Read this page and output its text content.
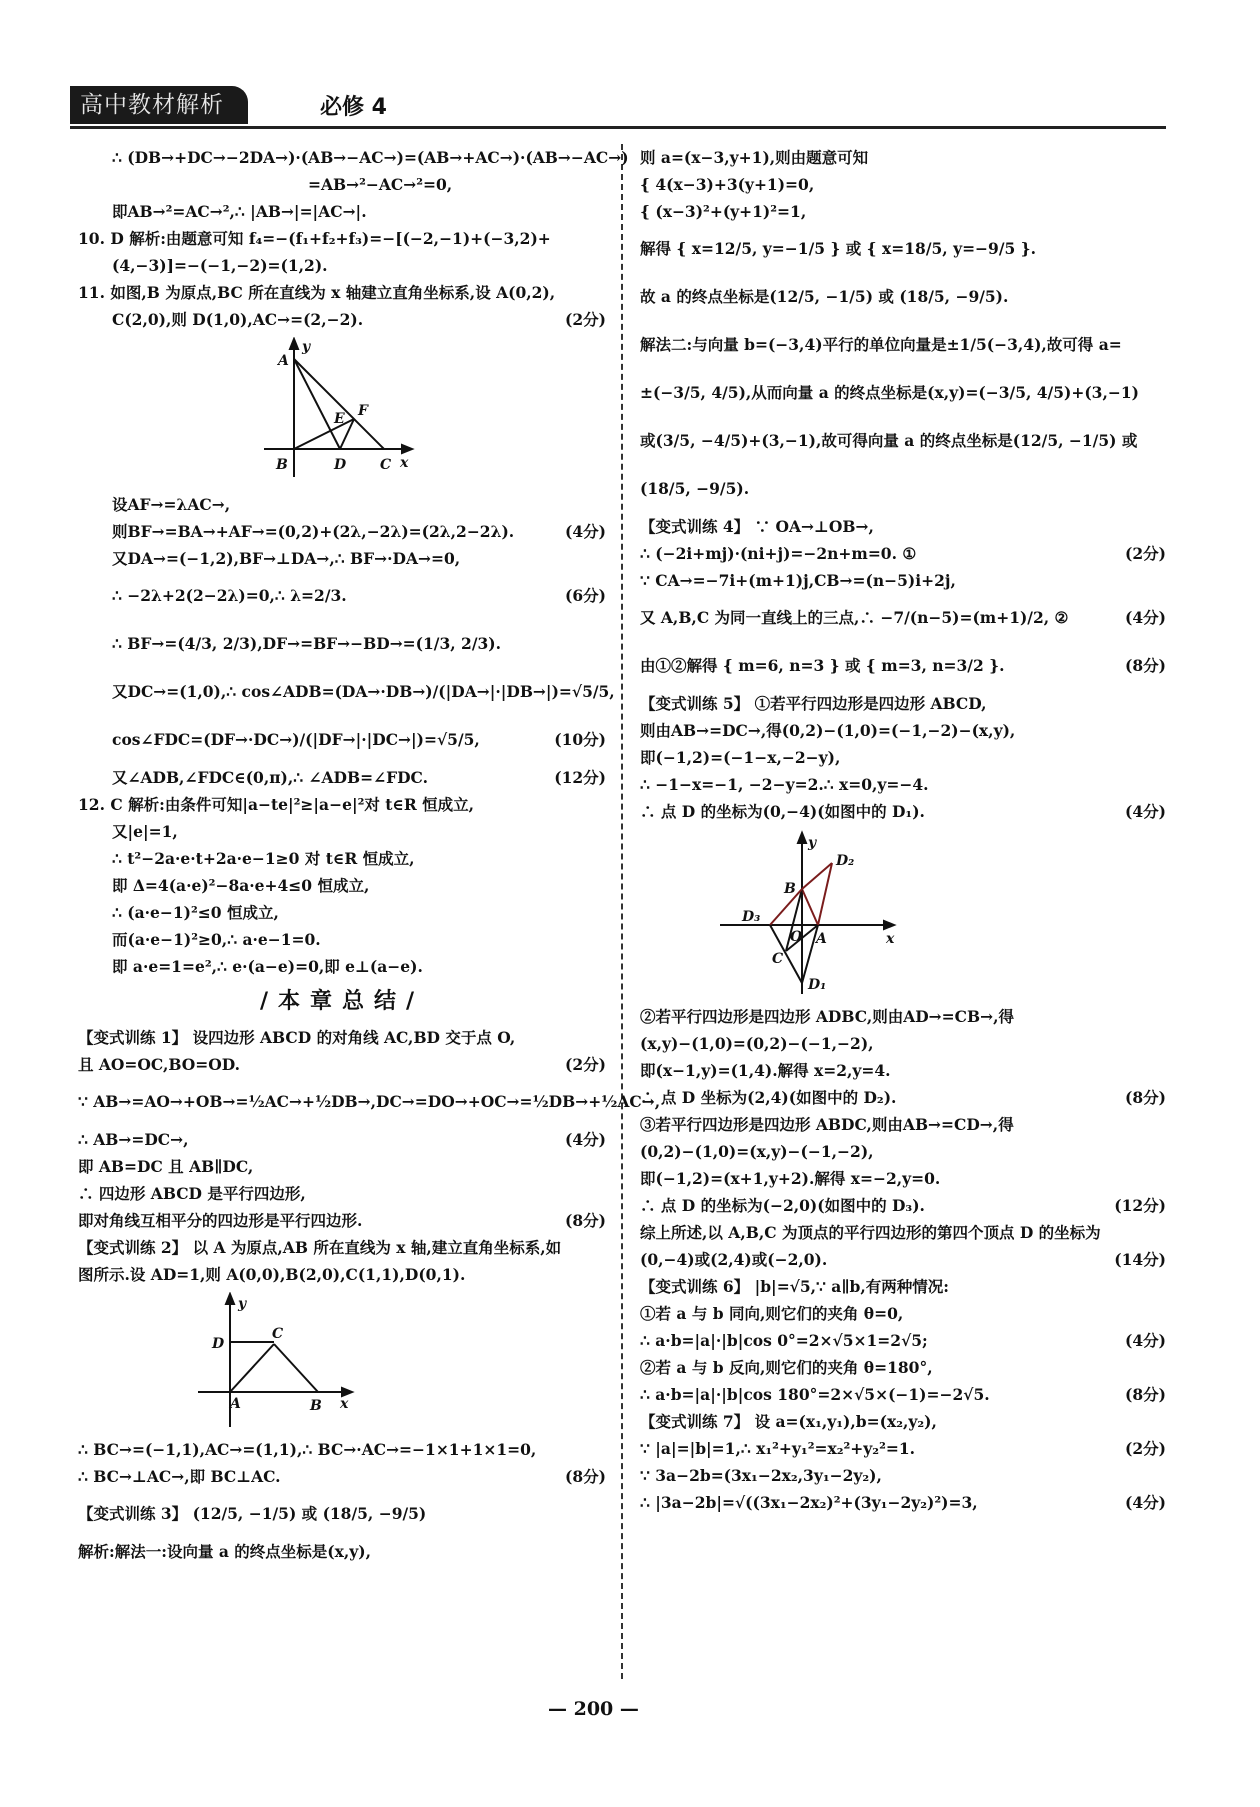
高中教材解析	必修 4
∴ (DB→+DC→−2DA→)·(AB→−AC→)=(AB→+AC→)·(AB→−AC→)
=AB→²−AC→²=0,
即AB→²=AC→²,∴ |AB→|=|AC→|.
10. D 解析:由题意可知 f₄=−(f₁+f₂+f₃)=−[(−2,−1)+(−3,2)+
(4,−3)]=−(−1,−2)=(1,2).
11. 如图,B 为原点,BC 所在直线为 x 轴建立直角坐标系,设 A(0,2),
C(2,0),则 D(1,0),AC→=(2,−2).	(2分)
A
y
E F
B	D C x
设AF→=λAC→,
则BF→=BA→+AF→=(0,2)+(2λ,−2λ)=(2λ,2−2λ).	(4分)
又DA→=(−1,2),BF→⊥DA→,∴ BF→·DA→=0,
∴ −2λ+2(2−2λ)=0,∴ λ=2/3.	(6分)
∴ BF→=(4/3, 2/3),DF→=BF→−BD→=(1/3, 2/3).
又DC→=(1,0),∴ cos∠ADB=(DA→·DB→)/(|DA→|·|DB→|)=√5/5,
cos∠FDC=(DF→·DC→)/(|DF→|·|DC→|)=√5/5,	(10分)
又∠ADB,∠FDC∈(0,π),∴ ∠ADB=∠FDC.	(12分)
12. C 解析:由条件可知|a−te|²≥|a−e|²对 t∈R 恒成立,
又|e|=1,
∴ t²−2a·e·t+2a·e−1≥0 对 t∈R 恒成立,
即 Δ=4(a·e)²−8a·e+4≤0 恒成立,
∴ (a·e−1)²≤0 恒成立,
而(a·e−1)²≥0,∴ a·e−1=0.
即 a·e=1=e²,∴ e·(a−e)=0,即 e⊥(a−e).
/本章总结/
【变式训练 1】 设四边形 ABCD 的对角线 AC,BD 交于点 O,
且 AO=OC,BO=OD.	(2分)
∵ AB→=AO→+OB→=½AC→+½DB→,DC→=DO→+OC→=½DB→+½AC→,
∴ AB→=DC→,	(4分)
即 AB=DC 且 AB∥DC,
∴ 四边形 ABCD 是平行四边形,
即对角线互相平分的四边形是平行四边形.	(8分)
【变式训练 2】 以 A 为原点,AB 所在直线为 x 轴,建立直角坐标系,如
图所示.设 AD=1,则 A(0,0),B(2,0),C(1,1),D(0,1).
y
D
C
A	B x
∴ BC→=(−1,1),AC→=(1,1),∴ BC→·AC→=−1×1+1×1=0,
∴ BC→⊥AC→,即 BC⊥AC.	(8分)
【变式训练 3】 (12/5, −1/5) 或 (18/5, −9/5)
解析:解法一:设向量 a 的终点坐标是(x,y),
则 a=(x−3,y+1),则由题意可知
{ 4(x−3)+3(y+1)=0,
{ (x−3)²+(y+1)²=1,
解得 { x=12/5, y=−1/5 } 或 { x=18/5, y=−9/5 }.
故 a 的终点坐标是(12/5, −1/5) 或 (18/5, −9/5).
解法二:与向量 b=(−3,4)平行的单位向量是±1/5(−3,4),故可得 a=
±(−3/5, 4/5),从而向量 a 的终点坐标是(x,y)=(−3/5, 4/5)+(3,−1)
或(3/5, −4/5)+(3,−1),故可得向量 a 的终点坐标是(12/5, −1/5) 或
(18/5, −9/5).
【变式训练 4】 ∵ OA→⊥OB→,
∴ (−2i+mj)·(ni+j)=−2n+m=0. ①	(2分)
∵ CA→=−7i+(m+1)j,CB→=(n−5)i+2j,
又 A,B,C 为同一直线上的三点,∴ −7/(n−5)=(m+1)/2, ②	(4分)
由①②解得 { m=6, n=3 } 或 { m=3, n=3/2 }.	(8分)
【变式训练 5】 ①若平行四边形是四边形 ABCD,
则由AB→=DC→,得(0,2)−(1,0)=(−1,−2)−(x,y),
即(−1,2)=(−1−x,−2−y),
∴ −1−x=−1, −2−y=2.∴ x=0,y=−4.
∴ 点 D 的坐标为(0,−4)(如图中的 D₁).	(4分)
y
D₂
B
D₃
O A	x
C
D₁
②若平行四边形是四边形 ADBC,则由AD→=CB→,得
(x,y)−(1,0)=(0,2)−(−1,−2),
即(x−1,y)=(1,4).解得 x=2,y=4.
∴ 点 D 坐标为(2,4)(如图中的 D₂).	(8分)
③若平行四边形是四边形 ABDC,则由AB→=CD→,得
(0,2)−(1,0)=(x,y)−(−1,−2),
即(−1,2)=(x+1,y+2).解得 x=−2,y=0.
∴ 点 D 的坐标为(−2,0)(如图中的 D₃).	(12分)
综上所述,以 A,B,C 为顶点的平行四边形的第四个顶点 D 的坐标为
(0,−4)或(2,4)或(−2,0).	(14分)
【变式训练 6】 |b|=√5,∵ a∥b,有两种情况:
①若 a 与 b 同向,则它们的夹角 θ=0,
∴ a·b=|a|·|b|cos 0°=2×√5×1=2√5;	(4分)
②若 a 与 b 反向,则它们的夹角 θ=180°,
∴ a·b=|a|·|b|cos 180°=2×√5×(−1)=−2√5.	(8分)
【变式训练 7】 设 a=(x₁,y₁),b=(x₂,y₂),
∵ |a|=|b|=1,∴ x₁²+y₁²=x₂²+y₂²=1.	(2分)
∵ 3a−2b=(3x₁−2x₂,3y₁−2y₂),
∴ |3a−2b|=√((3x₁−2x₂)²+(3y₁−2y₂)²)=3,	(4分)
— 200 —
